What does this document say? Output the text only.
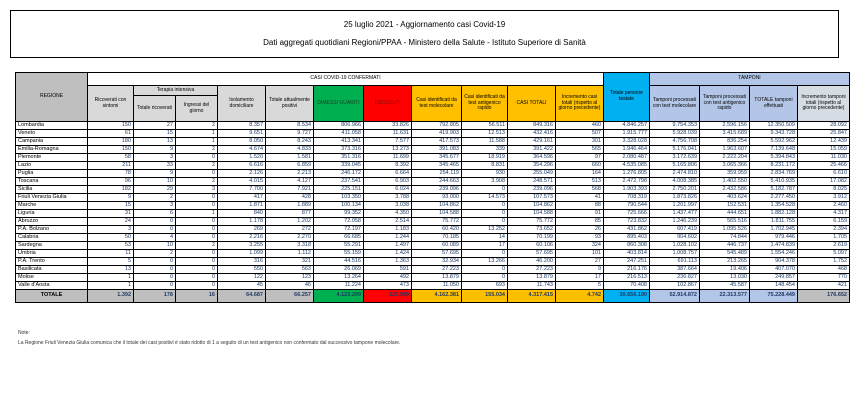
25 luglio 2021 - Aggiornamento casi Covid-19
Dati aggregati quotidiani Regioni/PPAA - Ministero della Salute - Istituto Superiore di Sanità
REGIONE	CASI COVID-19 CONFERMATI											Totale persone testate	TAMPONI			
	Ricoverati con sintomi	Terapia intensiva		Isolamento domiciliare	Totale attualmente positivi	DIMESSI GUARITI	DECEDUTI	Casi identificati da test molecolare	Casi identificati da test antigenico rapido	CASI TOTALI	Incremento casi totali (rispetto al giorno precedente)		Tamponi processati con test molecolare	Tamponi processati con test antigenico rapido	TOTALE tamponi effettuati	Incremento tamponi totali (rispetto al giorno precedente)
		Totale ricoverati	Ingressi del giorno													
Lombardia	150	27	2	8.357	8.534	806.966	33.826	792.805	56.511	849.316	460	4.846.257	9.754.353	2.596.156	12.350.509	28.092
Veneto	61	15	1	9.651	9.727	411.058	11.631	419.903	12.513	432.416	507	1.915.777	5.928.039	3.415.689	9.343.728	25.847
Campania	180	13	1	8.050	8.243	413.341	7.577	417.573	11.588	429.161	301	3.328.028	4.756.708	836.254	5.592.962	12.439
Emilia-Romagna	150	9	2	4.674	4.833	373.316	13.273	391.083	339	391.422	565	1.946.464	5.176.041	1.963.607	7.139.648	15.059
Piemonte	58	3	0	1.520	1.581	351.316	11.699	345.677	18.919	364.596	97	2.080.487	3.172.639	2.222.204	5.394.843	11.030
Lazio	211	33	2	6.616	6.859	339.045	8.392	345.465	8.831	354.296	660	4.535.085	5.165.806	3.065.366	8.231.172	25.466
Puglia	78	9	0	2.126	2.213	246.172	6.664	254.119	930	255.049	164	1.276.805	2.474.810	359.959	2.834.769	6.610
Toscana	96	10	2	4.015	4.127	237.541	6.903	244.663	3.908	248.571	513	2.472.798	4.008.385	1.402.550	5.410.935	17.082
Sicilia	182	29	3	7.700	7.921	225.151	6.024	239.096	0	239.096	568	1.903.393	2.750.201	2.432.586	5.182.787	8.025
Friuli Venezia Giulia	9	2	0	417	428	103.350	3.788	93.000	14.573	107.573	41	708.319	1.873.826	403.624	2.277.450	3.912
Marche	15	3	0	1.871	1.889	100.134	3.038	104.862	0	104.862	88	790.544	1.201.997	152.531	1.354.528	2.460
Liguria	31	6	1	840	877	99.352	4.350	104.588	0	104.588	91	725.666	1.437.477	444.651	1.882.128	4.317
Abruzzo	24	0	0	1.178	1.202	72.058	2.514	75.772	0	75.772	85	723.832	1.246.239	565.516	1.811.755	6.159
P.A. Bolzano	3	0	0	269	272	72.197	1.183	60.420	13.252	73.652	26	431.862	607.419	1.095.526	1.702.945	2.394
Calabria	50	4	0	2.216	2.270	66.685	1.244	70.185	14	70.199	93	895.403	904.602	74.844	979.446	1.705
Sardegna	53	10	2	3.255	3.318	55.291	1.497	60.089	17	60.106	324	860.308	1.028.102	446.737	1.474.839	2.619
Umbria	11	2	0	1.099	1.112	55.159	1.424	57.695	0	57.695	101	403.814	1.008.757	545.489	1.554.246	5.097
P.A. Trento	5	0	0	316	321	44.516	1.363	32.934	13.266	46.200	27	247.251	691.113	213.265	904.378	1.752
Basilicata	13	0	0	550	563	26.069	591	27.223	0	27.223	9	216.176	387.664	19.406	407.070	468
Molise	1	0	0	122	123	13.264	492	13.879	0	13.879	17	216.513	236.827	13.030	249.857	770
Valle d'Aosta	1	0	0	45	46	11.224	473	11.050	693	11.743	5	70.408	102.867	45.587	148.454	421
TOTALE	1.392	178	16	64.687	66.257	4.123.209	127.949	4.162.381	155.034	4.317.415	4.742	30.656.190	52.914.872	22.313.577	75.228.449	176.652
Note:
La Regione Friuli Venezia Giulia comunica che il totale dei casi positivi è stato ridotto di 1 a seguito di un test antigenico non confermato dal successivo tampone molecolare.
